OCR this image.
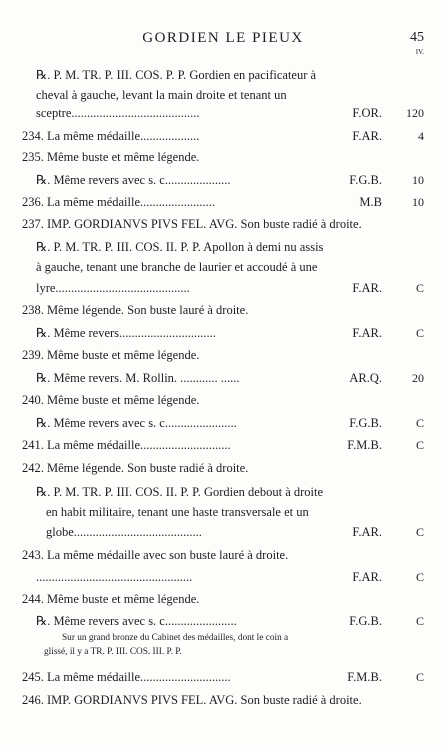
GORDIEN LE PIEUX	45
IV.
℞. P. M. TR. P. III. COS. P. P. Gordien en pacificateur à
cheval à gauche, levant la main droite et tenant un
sceptre.........................................	F.OR.	120
234. La même médaille...................	F.AR.	4
235. Même buste et même légende.
℞. Même revers avec s. c.....................	F.G.B.	10
236. La même médaille........................	M.B	10
237. IMP. GORDIANVS PIVS FEL. AVG. Son buste radié à droite.
℞. P. M. TR. P. III. COS. II. P. P. Apollon à demi nu assis
à gauche, tenant une branche de laurier et accoudé à une
lyre...........................................	F.AR.	C
238. Même légende. Son buste lauré à droite.
℞. Même revers...............................	F.AR.	C
239. Même buste et même légende.
℞. Même revers. M. Rollin. ............ ......	AR.Q.	20
240. Même buste et même légende.
℞. Même revers avec s. c.......................	F.G.B.	C
241. La même médaille.............................	F.M.B.	C
242. Même légende. Son buste radié à droite.
℞. P. M. TR. P. III. COS. II. P. P. Gordien debout à droite
en habit militaire, tenant une haste transversale et un
globe.........................................	F.AR.	C
243. La même médaille avec son buste lauré à droite.
..................................................	F.AR.	C
244. Même buste et même légende.
℞. Même revers avec s. c.......................	F.G.B.	C
245. La même médaille.............................	F.M.B.	C
246. IMP. GORDIANVS PIVS FEL. AVG. Son buste radié à droite.
Sur un grand bronze du Cabinet des médailles, dont le coin a
glissé, il y a TR. P. III. COS. III. P. P.
